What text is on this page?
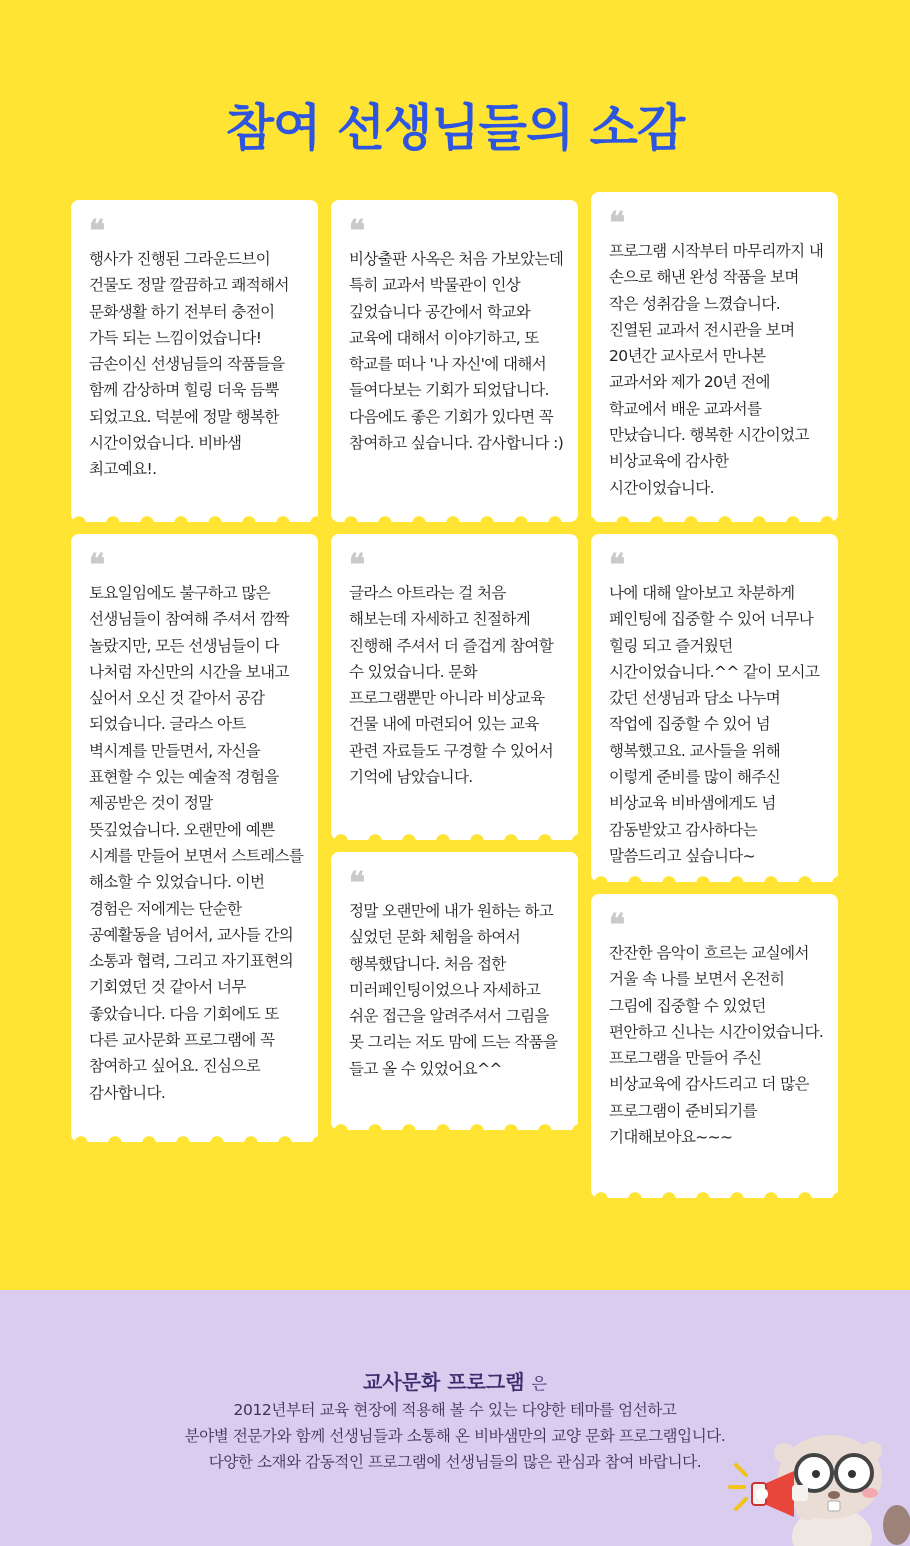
참여 선생님들의 소감
❝
행사가 진행된 그라운드브이 건물도 정말 깔끔하고 쾌적해서 문화생활 하기 전부터 충전이 가득 되는 느낌이었습니다! 금손이신 선생님들의 작품들을 함께 감상하며 힐링 더욱 듬뿍 되었고요. 덕분에 정말 행복한 시간이었습니다. 비바샘 최고예요!.
❝
토요일임에도 불구하고 많은 선생님들이 참여해 주셔서 깜짝 놀랐지만, 모든 선생님들이 다 나처럼 자신만의 시간을 보내고 싶어서 오신 것 같아서 공감 되었습니다. 글라스 아트 벽시계를 만들면서, 자신을 표현할 수 있는 예술적 경험을 제공받은 것이 정말 뜻깊었습니다. 오랜만에 예쁜 시계를 만들어 보면서 스트레스를 해소할 수 있었습니다. 이번 경험은 저에게는 단순한 공예활동을 넘어서, 교사들 간의 소통과 협력, 그리고 자기표현의 기회였던 것 같아서 너무 좋았습니다. 다음 기회에도 또 다른 교사문화 프로그램에 꼭 참여하고 싶어요. 진심으로 감사합니다.
❝
비상출판 사옥은 처음 가보았는데 특히 교과서 박물관이 인상 깊었습니다 공간에서 학교와 교육에 대해서 이야기하고, 또 학교를 떠나 '나 자신'에 대해서 들여다보는 기회가 되었답니다. 다음에도 좋은 기회가 있다면 꼭 참여하고 싶습니다. 감사합니다 :)
❝
글라스 아트라는 걸 처음 해보는데 자세하고 친절하게 진행해 주셔서 더 즐겁게 참여할 수 있었습니다. 문화 프로그램뿐만 아니라 비상교육 건물 내에 마련되어 있는 교육 관련 자료들도 구경할 수 있어서 기억에 남았습니다.
❝
정말 오랜만에 내가 원하는 하고 싶었던 문화 체험을 하여서 행복했답니다. 처음 접한 미러페인팅이었으나 자세하고 쉬운 접근을 알려주셔서 그림을 못 그리는 저도 맘에 드는 작품을 들고 올 수 있었어요^^
❝
프로그램 시작부터 마무리까지 내 손으로 해낸 완성 작품을 보며 작은 성취감을 느꼈습니다. 진열된 교과서 전시관을 보며 20년간 교사로서 만나본 교과서와 제가 20년 전에 학교에서 배운 교과서를 만났습니다. 행복한 시간이었고 비상교육에 감사한 시간이었습니다.
❝
나에 대해 알아보고 차분하게 페인팅에 집중할 수 있어 너무나 힐링 되고 즐거웠던 시간이었습니다.^^ 같이 모시고 갔던 선생님과 담소 나누며 작업에 집중할 수 있어 넘 행복했고요. 교사들을 위해 이렇게 준비를 많이 해주신 비상교육 비바샘에게도 넘 감동받았고 감사하다는 말씀드리고 싶습니다~
❝
잔잔한 음악이 흐르는 교실에서 거울 속 나를 보면서 온전히 그림에 집중할 수 있었던 편안하고 신나는 시간이었습니다. 프로그램을 만들어 주신 비상교육에 감사드리고 더 많은 프로그램이 준비되기를 기대해보아요~~~
교사문화 프로그램 은
2012년부터 교육 현장에 적용해 볼 수 있는 다양한 테마를 엄선하고
분야별 전문가와 함께 선생님들과 소통해 온 비바샘만의 교양 문화 프로그램입니다.
다양한 소재와 감동적인 프로그램에 선생님들의 많은 관심과 참여 바랍니다.
